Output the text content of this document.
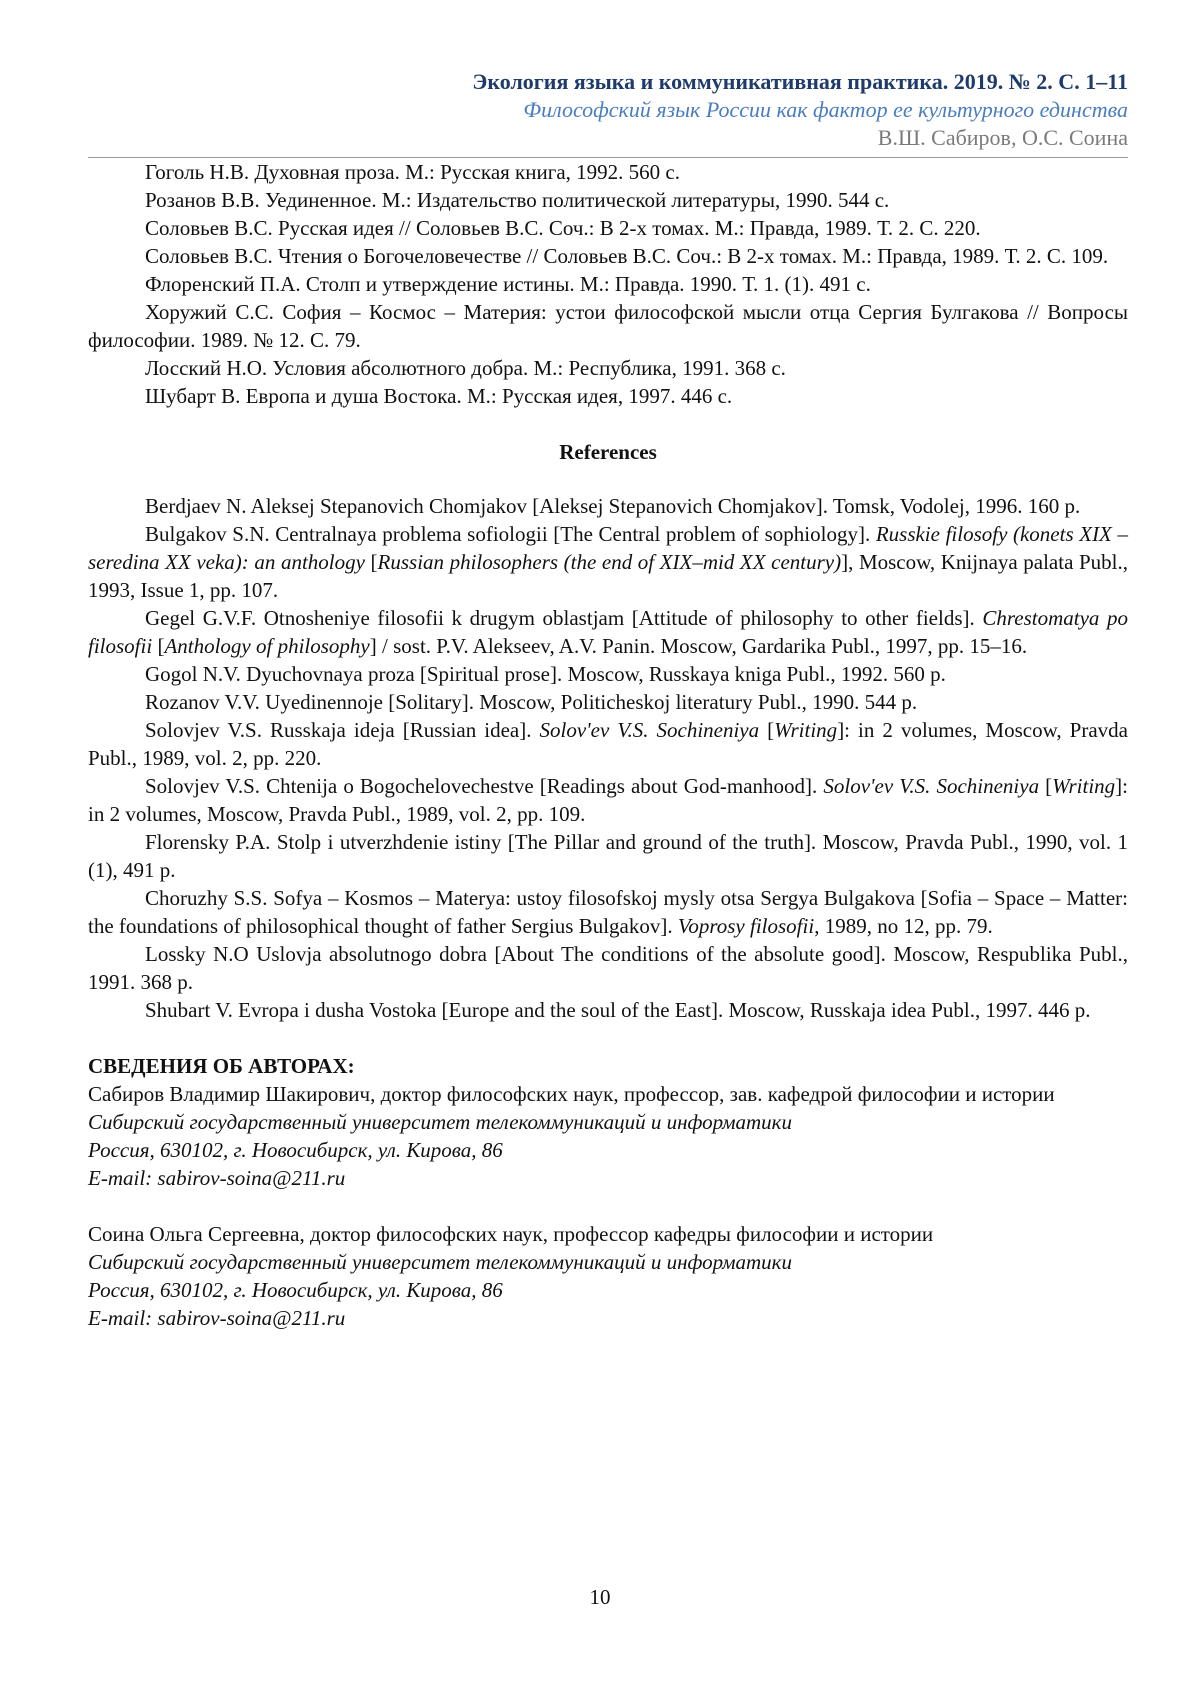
Экология языка и коммуникативная практика. 2019. № 2. С. 1–11
Философский язык России как фактор ее культурного единства
В.Ш. Сабиров, О.С. Соина

Гоголь Н.В. Духовная проза. М.: Русская книга, 1992. 560 с.

Розанов В.В. Уединенное. М.: Издательство политической литературы, 1990. 544 с.

Соловьев В.С. Русская идея // Соловьев В.С. Соч.: В 2-х томах. М.: Правда, 1989. Т. 2. С. 220.

Соловьев В.С. Чтения о Богочеловечестве // Соловьев В.С. Соч.: В 2-х томах. М.: Правда, 1989. Т. 2. С. 109.

Флоренский П.А. Столп и утверждение истины. М.: Правда. 1990. Т. 1. (1). 491 с.

Хоружий С.С. София – Космос – Материя: устои философской мысли отца Сергия Булгакова // Вопросы философии. 1989. № 12. С. 79.

Лосский Н.О. Условия абсолютного добра. М.: Республика, 1991. 368 с.

Шубарт В. Европа и душа Востока. М.: Русская идея, 1997. 446 с.

References

Berdjaev N. Aleksej Stepanovich Chomjakov [Aleksej Stepanovich Chomjakov]. Tomsk, Vodolej, 1996. 160 p.

Bulgakov S.N. Centralnaya problema sofiologii [The Central problem of sophiology]. Russkie filosofy (konets XIX – seredina XX veka): an anthology [Russian philosophers (the end of XIX–mid XX century)], Moscow, Knijnaya palata Publ., 1993, Issue 1, pp. 107.

Gegel G.V.F. Otnosheniye filosofii k drugym oblastjam [Attitude of philosophy to other fields]. Chrestomatya po filosofii [Anthology of philosophy] / sost. P.V. Alekseev, A.V. Panin. Moscow, Gardarika Publ., 1997, pp. 15–16.

Gogol N.V. Dyuchovnaya proza [Spiritual prose]. Moscow, Russkaya kniga Publ., 1992. 560 p.

Rozanov V.V. Uyedinennoje [Solitary]. Moscow, Politicheskoj literatury Publ., 1990. 544 p.

Solovjev V.S. Russkaja ideja [Russian idea]. Solov'ev V.S. Sochineniya [Writing]: in 2 volumes, Moscow, Pravda Publ., 1989, vol. 2, pp. 220.

Solovjev V.S. Chtenija o Bogochelovechestve [Readings about God-manhood]. Solov'ev V.S. Sochineniya [Writing]: in 2 volumes, Moscow, Pravda Publ., 1989, vol. 2, pp. 109.

Florensky P.A. Stolp i utverzhdenie istiny [The Pillar and ground of the truth]. Moscow, Pravda Publ., 1990, vol. 1 (1), 491 p.

Choruzhy S.S. Sofya – Kosmos – Materya: ustoy filosofskoj mysly otsa Sergya Bulgakova [Sofia – Space – Matter: the foundations of philosophical thought of father Sergius Bulgakov]. Voprosy filosofii, 1989, no 12, pp. 79.

Lossky N.O Uslovja absolutnogo dobra [About The conditions of the absolute good]. Moscow, Respublika Publ., 1991. 368 p.

Shubart V. Evropa i dusha Vostoka [Europe and the soul of the East]. Moscow, Russkaja idea Publ., 1997. 446 p.

СВЕДЕНИЯ ОБ АВТОРАХ:

Сабиров Владимир Шакирович, доктор философских наук, профессор, зав. кафедрой философии и истории

Сибирский государственный университет телекоммуникаций и информатики

Россия, 630102, г. Новосибирск, ул. Кирова, 86

E-mail: sabirov-soina@211.ru

Соина Ольга Сергеевна, доктор философских наук, профессор кафедры философии и истории

Сибирский государственный университет телекоммуникаций и информатики

Россия, 630102, г. Новосибирск, ул. Кирова, 86

E-mail: sabirov-soina@211.ru

10
